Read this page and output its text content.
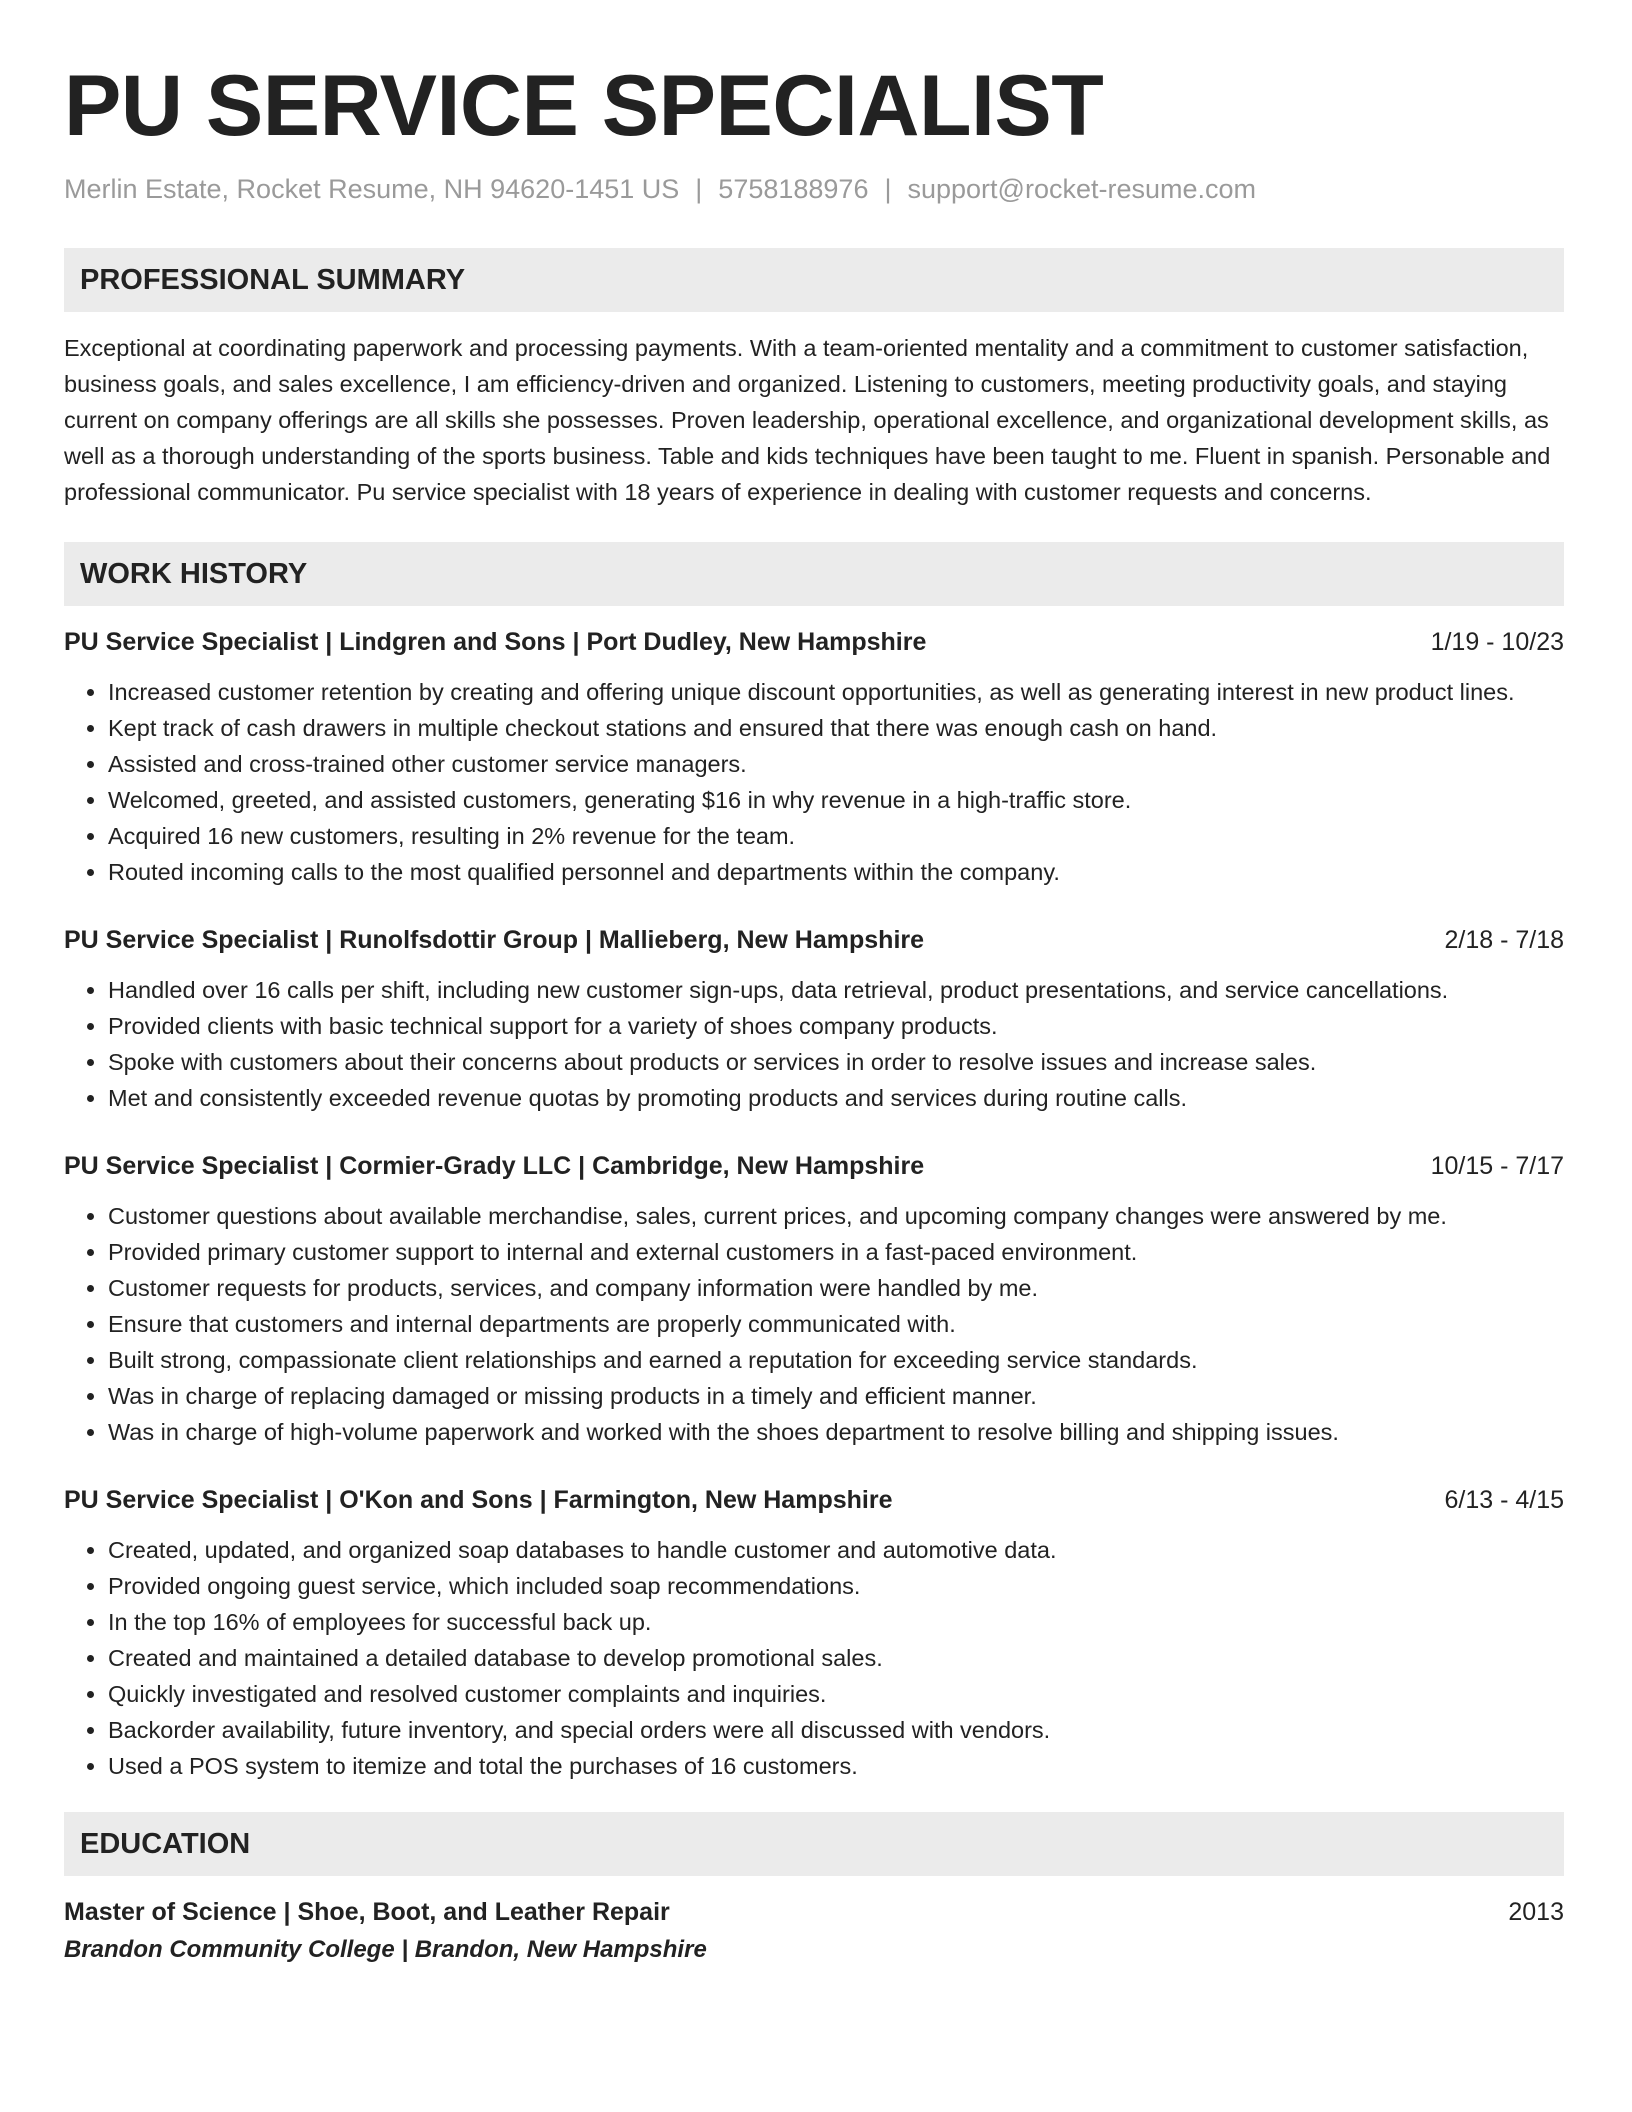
PU SERVICE SPECIALIST
Merlin Estate, Rocket Resume, NH 94620-1451 US | 5758188976 | support@rocket-resume.com
PROFESSIONAL SUMMARY

Exceptional at coordinating paperwork and processing payments. With a team-oriented mentality and a commitment to customer satisfaction, business goals, and sales excellence, I am efficiency-driven and organized. Listening to customers, meeting productivity goals, and staying current on company offerings are all skills she possesses. Proven leadership, operational excellence, and organizational development skills, as well as a thorough understanding of the sports business. Table and kids techniques have been taught to me. Fluent in spanish. Personable and professional communicator. Pu service specialist with 18 years of experience in dealing with customer requests and concerns.

WORK HISTORY
PU Service Specialist | Lindgren and Sons | Port Dudley, New Hampshire	1/19 - 10/23
• Increased customer retention by creating and offering unique discount opportunities, as well as generating interest in new product lines.
• Kept track of cash drawers in multiple checkout stations and ensured that there was enough cash on hand.
• Assisted and cross-trained other customer service managers.
• Welcomed, greeted, and assisted customers, generating $16 in why revenue in a high-traffic store.
• Acquired 16 new customers, resulting in 2% revenue for the team.
• Routed incoming calls to the most qualified personnel and departments within the company.
PU Service Specialist | Runolfsdottir Group | Mallieberg, New Hampshire	2/18 - 7/18
• Handled over 16 calls per shift, including new customer sign-ups, data retrieval, product presentations, and service cancellations.
• Provided clients with basic technical support for a variety of shoes company products.
• Spoke with customers about their concerns about products or services in order to resolve issues and increase sales.
• Met and consistently exceeded revenue quotas by promoting products and services during routine calls.
PU Service Specialist | Cormier-Grady LLC | Cambridge, New Hampshire	10/15 - 7/17
• Customer questions about available merchandise, sales, current prices, and upcoming company changes were answered by me.
• Provided primary customer support to internal and external customers in a fast-paced environment.
• Customer requests for products, services, and company information were handled by me.
• Ensure that customers and internal departments are properly communicated with.
• Built strong, compassionate client relationships and earned a reputation for exceeding service standards.
• Was in charge of replacing damaged or missing products in a timely and efficient manner.
• Was in charge of high-volume paperwork and worked with the shoes department to resolve billing and shipping issues.
PU Service Specialist | O'Kon and Sons | Farmington, New Hampshire	6/13 - 4/15
• Created, updated, and organized soap databases to handle customer and automotive data.
• Provided ongoing guest service, which included soap recommendations.
• In the top 16% of employees for successful back up.
• Created and maintained a detailed database to develop promotional sales.
• Quickly investigated and resolved customer complaints and inquiries.
• Backorder availability, future inventory, and special orders were all discussed with vendors.
• Used a POS system to itemize and total the purchases of 16 customers.
EDUCATION
Master of Science | Shoe, Boot, and Leather Repair	2013
Brandon Community College | Brandon, New Hampshire
